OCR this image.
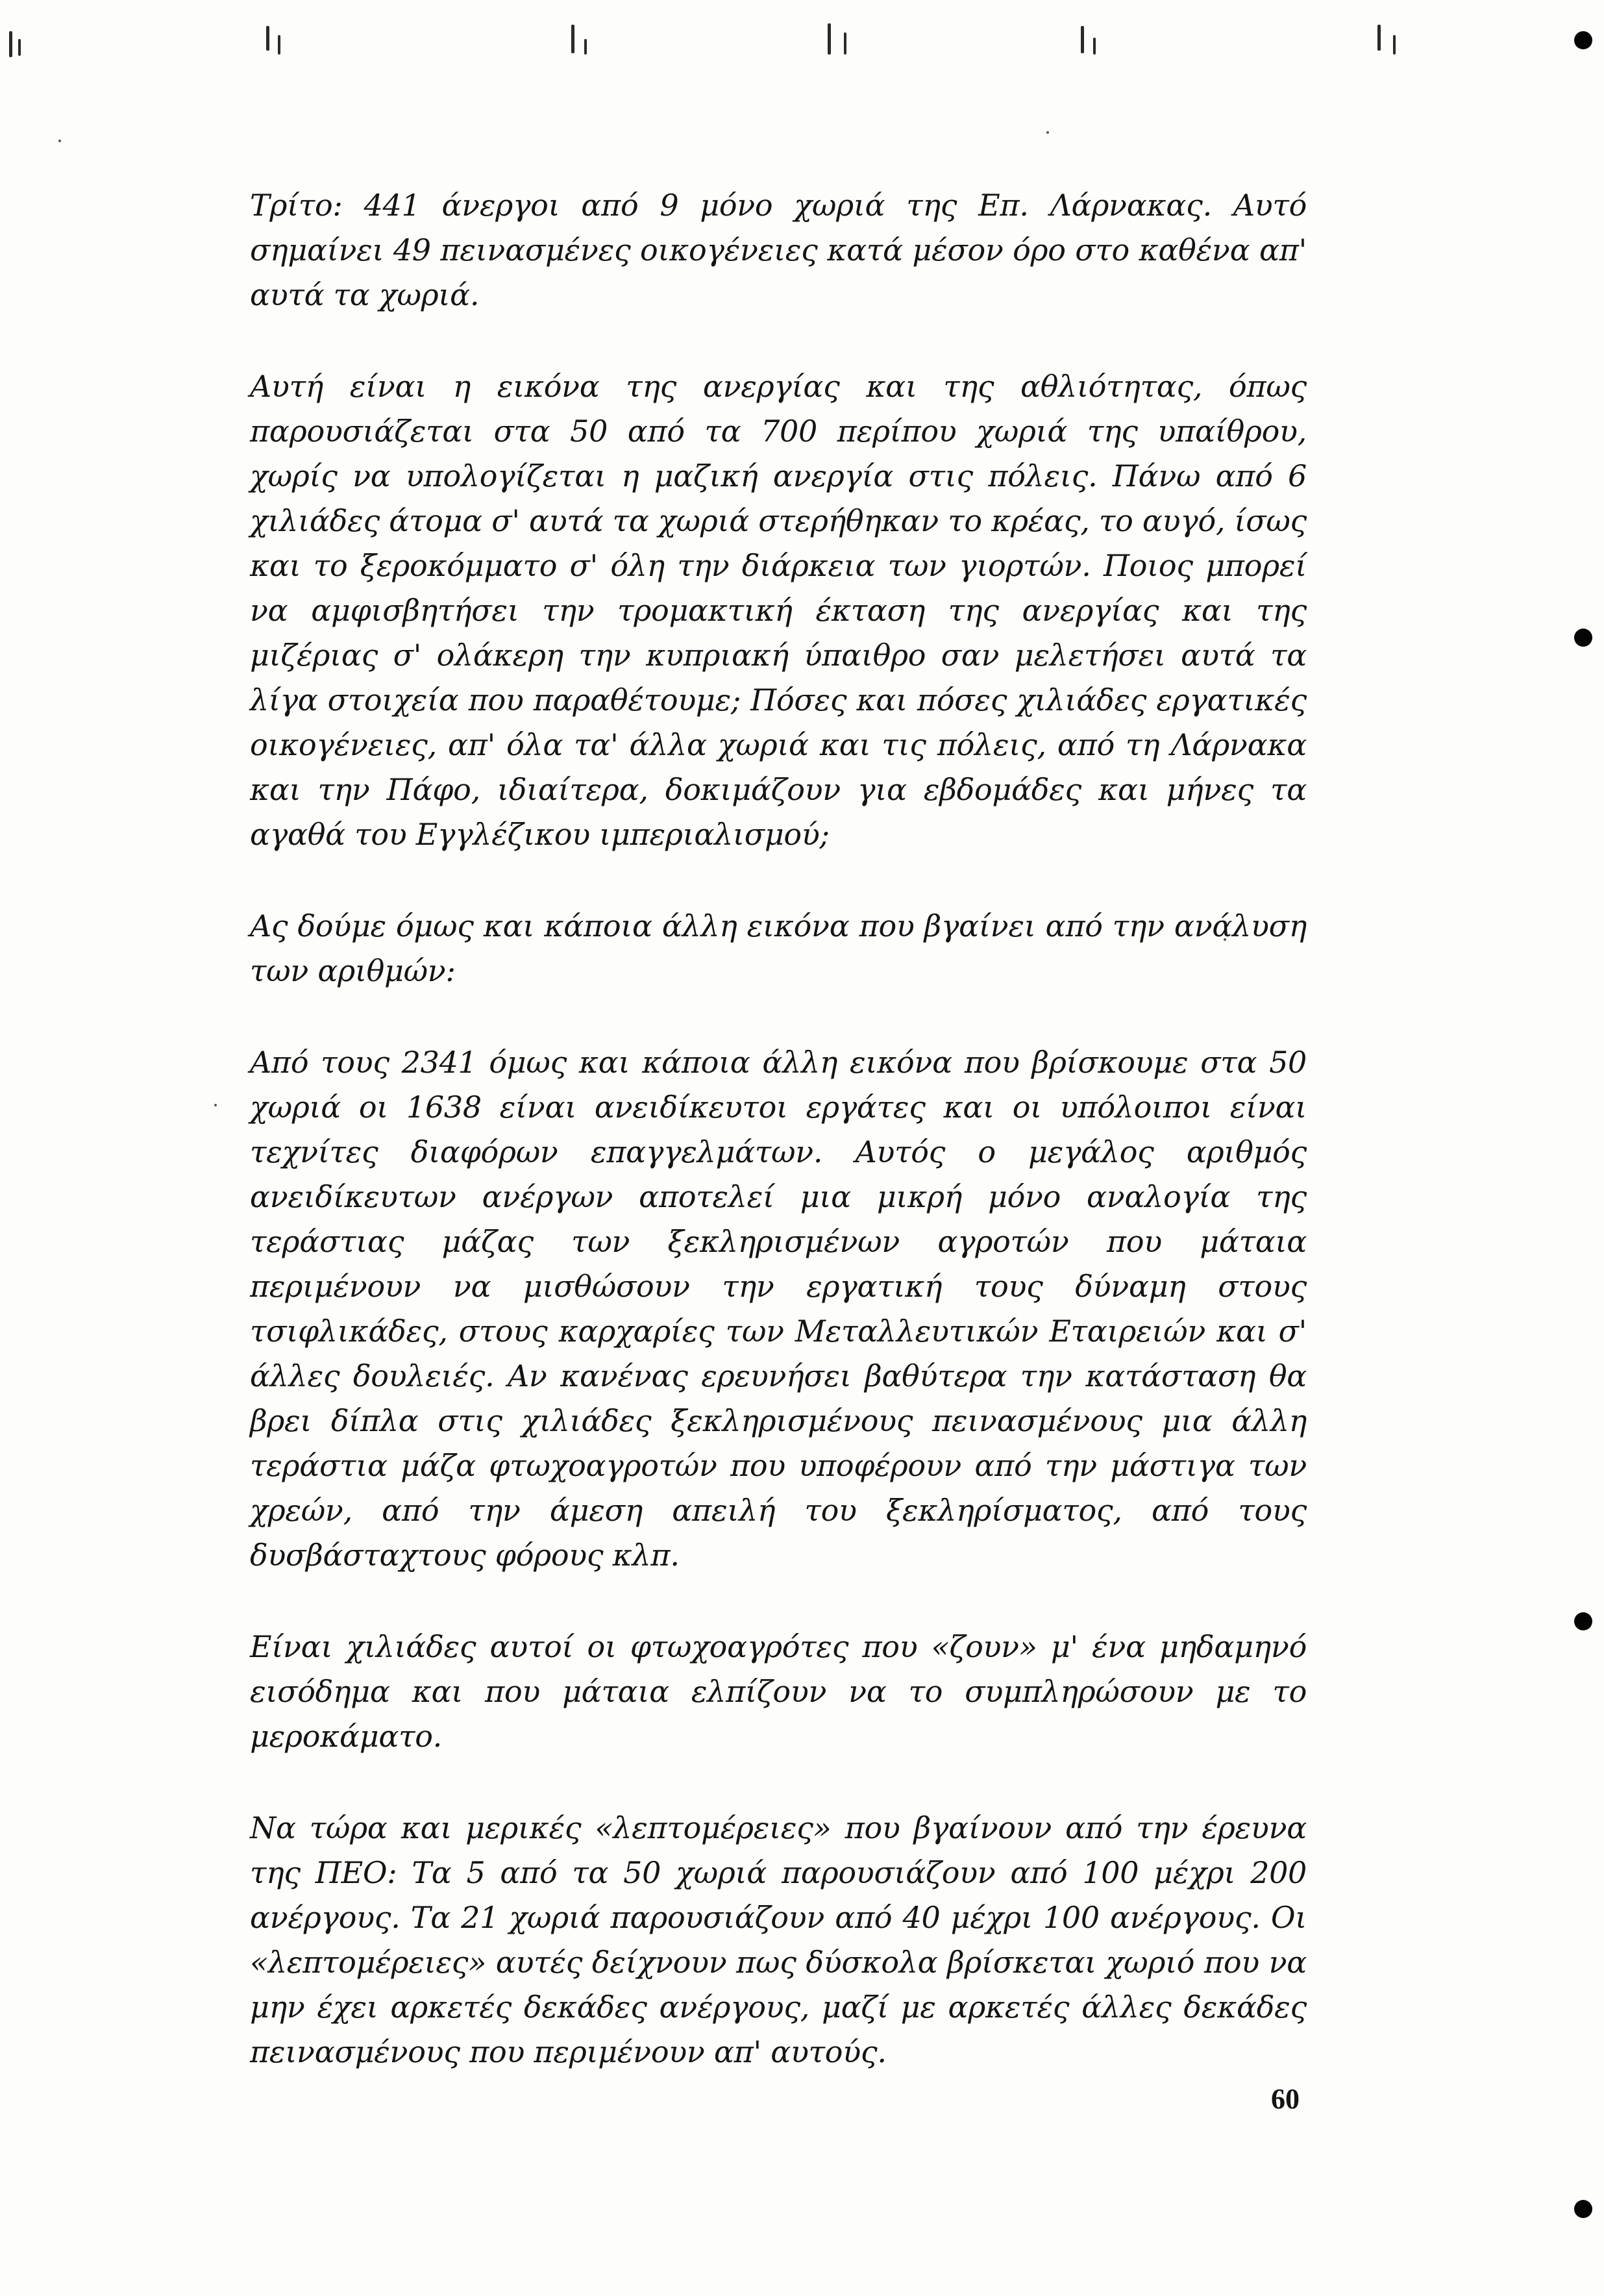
Τρίτο: 441 άνεργοι από 9 μόνο χωριά της Επ. Λάρνακας. Αυτό σημαίνει 49 πεινασμένες οικογένειες κατά μέσον όρο στο καθένα απ' αυτά τα χωριά.

Αυτή είναι η εικόνα της ανεργίας και της αθλιότητας, όπως παρουσιάζεται στα 50 από τα 700 περίπου χωριά της υπαίθρου, χωρίς να υπολογίζεται η μαζική ανεργία στις πόλεις. Πάνω από 6 χιλιάδες άτομα σ' αυτά τα χωριά στερήθηκαν το κρέας, το αυγό, ίσως και το ξεροκόμματο σ' όλη την διάρκεια των γιορτών. Ποιος μπορεί να αμφισβητήσει την τρομακτική έκταση της ανεργίας και της μιζέριας σ' ολάκερη την κυπριακή ύπαιθρο σαν μελετήσει αυτά τα λίγα στοιχεία που παραθέτουμε; Πόσες και πόσες χιλιάδες εργατικές οικογένειες, απ' όλα τα' άλλα χωριά και τις πόλεις, από τη Λάρνακα και την Πάφο, ιδιαίτερα, δοκιμάζουν για εβδομάδες και μήνες τα αγαθά του Εγγλέζικου ιμπεριαλισμού;

Ας δούμε όμως και κάποια άλλη εικόνα που βγαίνει από την ανάλυση των αριθμών:

Από τους 2341 όμως και κάποια άλλη εικόνα που βρίσκουμε στα 50 χωριά οι 1638 είναι ανειδίκευτοι εργάτες και οι υπόλοιποι είναι τεχνίτες διαφόρων επαγγελμάτων. Αυτός ο μεγάλος αριθμός ανειδίκευτων ανέργων αποτελεί μια μικρή μόνο αναλογία της τεράστιας μάζας των ξεκληρισμένων αγροτών που μάταια περιμένουν να μισθώσουν την εργατική τους δύναμη στους τσιφλικάδες, στους καρχαρίες των Μεταλλευτικών Εταιρειών και σ' άλλες δουλειές. Αν κανένας ερευνήσει βαθύτερα την κατάσταση θα βρει δίπλα στις χιλιάδες ξεκληρισμένους πεινασμένους μια άλλη τεράστια μάζα φτωχοαγροτών που υποφέρουν από την μάστιγα των χρεών, από την άμεση απειλή του ξεκληρίσματος, από τους δυσβάσταχτους φόρους κλπ.

Είναι χιλιάδες αυτοί οι φτωχοαγρότες που «ζουν» μ' ένα μηδαμηνό εισόδημα και που μάταια ελπίζουν να το συμπληρώσουν με το μεροκάματο.

Να τώρα και μερικές «λεπτομέρειες» που βγαίνουν από την έρευνα της ΠΕΟ: Τα 5 από τα 50 χωριά παρουσιάζουν από 100 μέχρι 200 ανέργους. Τα 21 χωριά παρουσιάζουν από 40 μέχρι 100 ανέργους. Οι «λεπτομέρειες» αυτές δείχνουν πως δύσκολα βρίσκεται χωριό που να μην έχει αρκετές δεκάδες ανέργους, μαζί με αρκετές άλλες δεκάδες πεινασμένους που περιμένουν απ' αυτούς.

60
